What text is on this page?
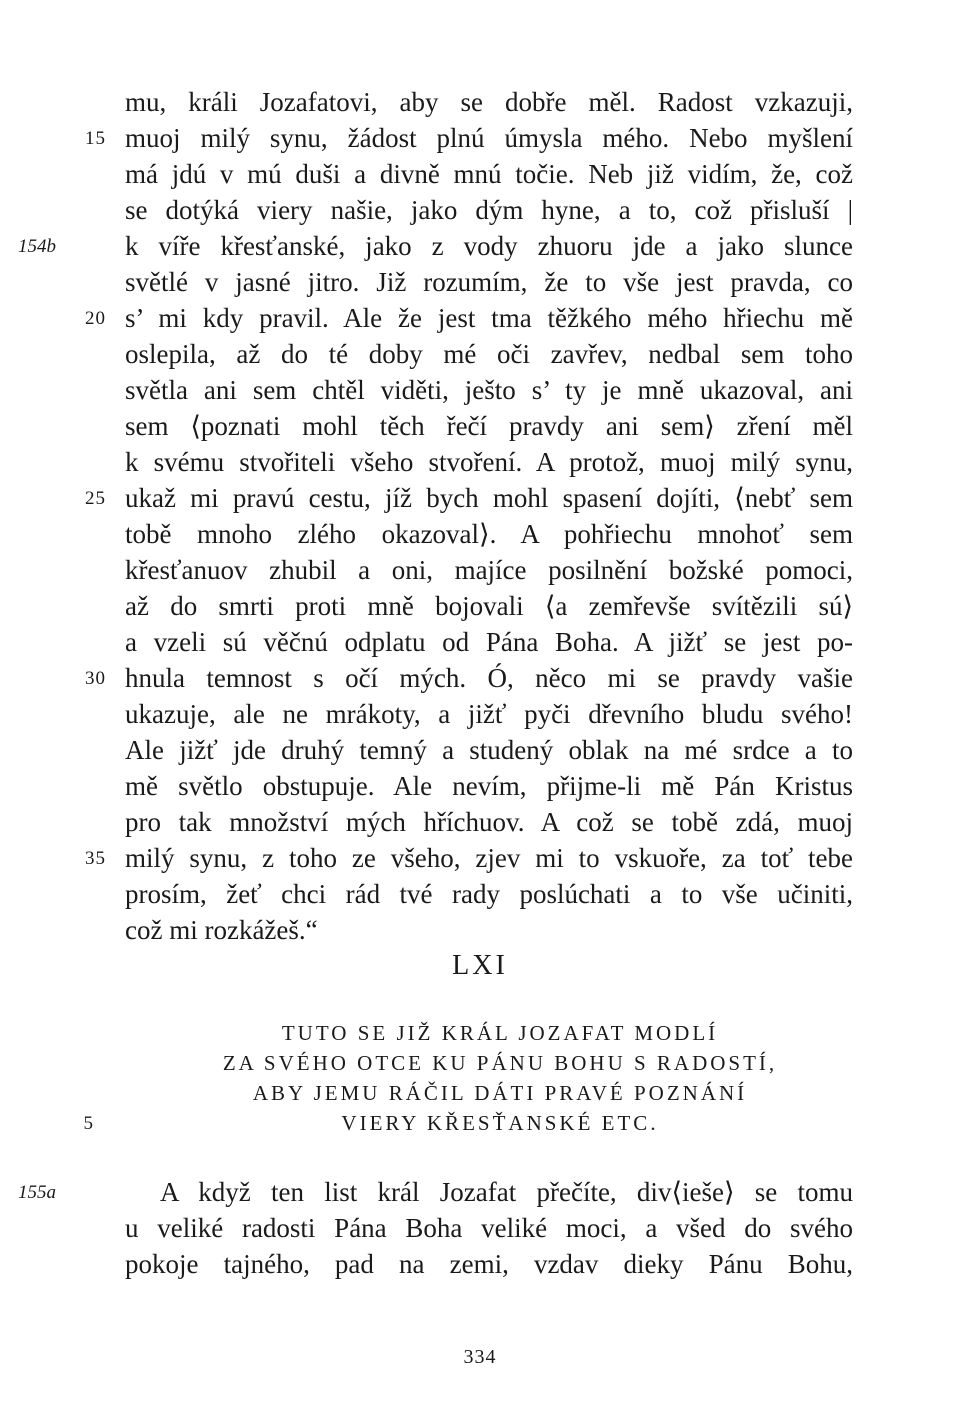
mu, králi Jozafatovi, aby se dobře měl. Radost vzkazuji,
muoj milý synu, žádost plnú úmysla mého. Nebo myšlení
má jdú v mú duši a divně mnú točie. Neb již vidím, že, což
se dotýká viery našie, jako dým hyne, a to, což přisluší |
k víře křesťanské, jako z vody zhuoru jde a jako slunce
světlé v jasné jitro. Již rozumím, že to vše jest pravda, co
s’ mi kdy pravil. Ale že jest tma těžkého mého hřiechu mě
oslepila, až do té doby mé oči zavřev, nedbal sem toho
světla ani sem chtěl viděti, ješto s’ ty je mně ukazoval, ani
sem ⟨poznati mohl těch řečí pravdy ani sem⟩ zření měl
k svému stvořiteli všeho stvoření. A protož, muoj milý synu,
ukaž mi pravú cestu, jíž bych mohl spasení dojíti, ⟨nebť sem
tobě mnoho zlého okazoval⟩. A pohřiechu mnohoť sem
křesťanuov zhubil a oni, majíce posilnění božské pomoci,
až do smrti proti mně bojovali ⟨a zemřevše svítězili sú⟩
a vzeli sú věčnú odplatu od Pána Boha. A jižť se jest po-
hnula temnost s očí mých. Ó, něco mi se pravdy vašie
ukazuje, ale ne mrákoty, a jižť pyči dřevního bludu svého!
Ale jižť jde druhý temný a studený oblak na mé srdce a to
mě světlo obstupuje. Ale nevím, přijme-li mě Pán Kristus
pro tak množství mých hříchuov. A což se tobě zdá, muoj
milý synu, z toho ze všeho, zjev mi to vskuoře, za toť tebe
prosím, žeť chci rád tvé rady poslúchati a to vše učiniti,
což mi rozkážeš.“
15
20
25
30
35
154b
155a
LXI
TUTO SE JIŽ KRÁL JOZAFAT MODLÍ
ZA SVÉHO OTCE KU PÁNU BOHU S RADOSTÍ,
ABY JEMU RÁČIL DÁTI PRAVÉ POZNÁNÍ
VIERY KŘESŤANSKÉ ETC.
5
A když ten list král Jozafat přečíte, div⟨ieše⟩ se tomu
u veliké radosti Pána Boha veliké moci, a všed do svého
pokoje tajného, pad na zemi, vzdav dieky Pánu Bohu,
334
